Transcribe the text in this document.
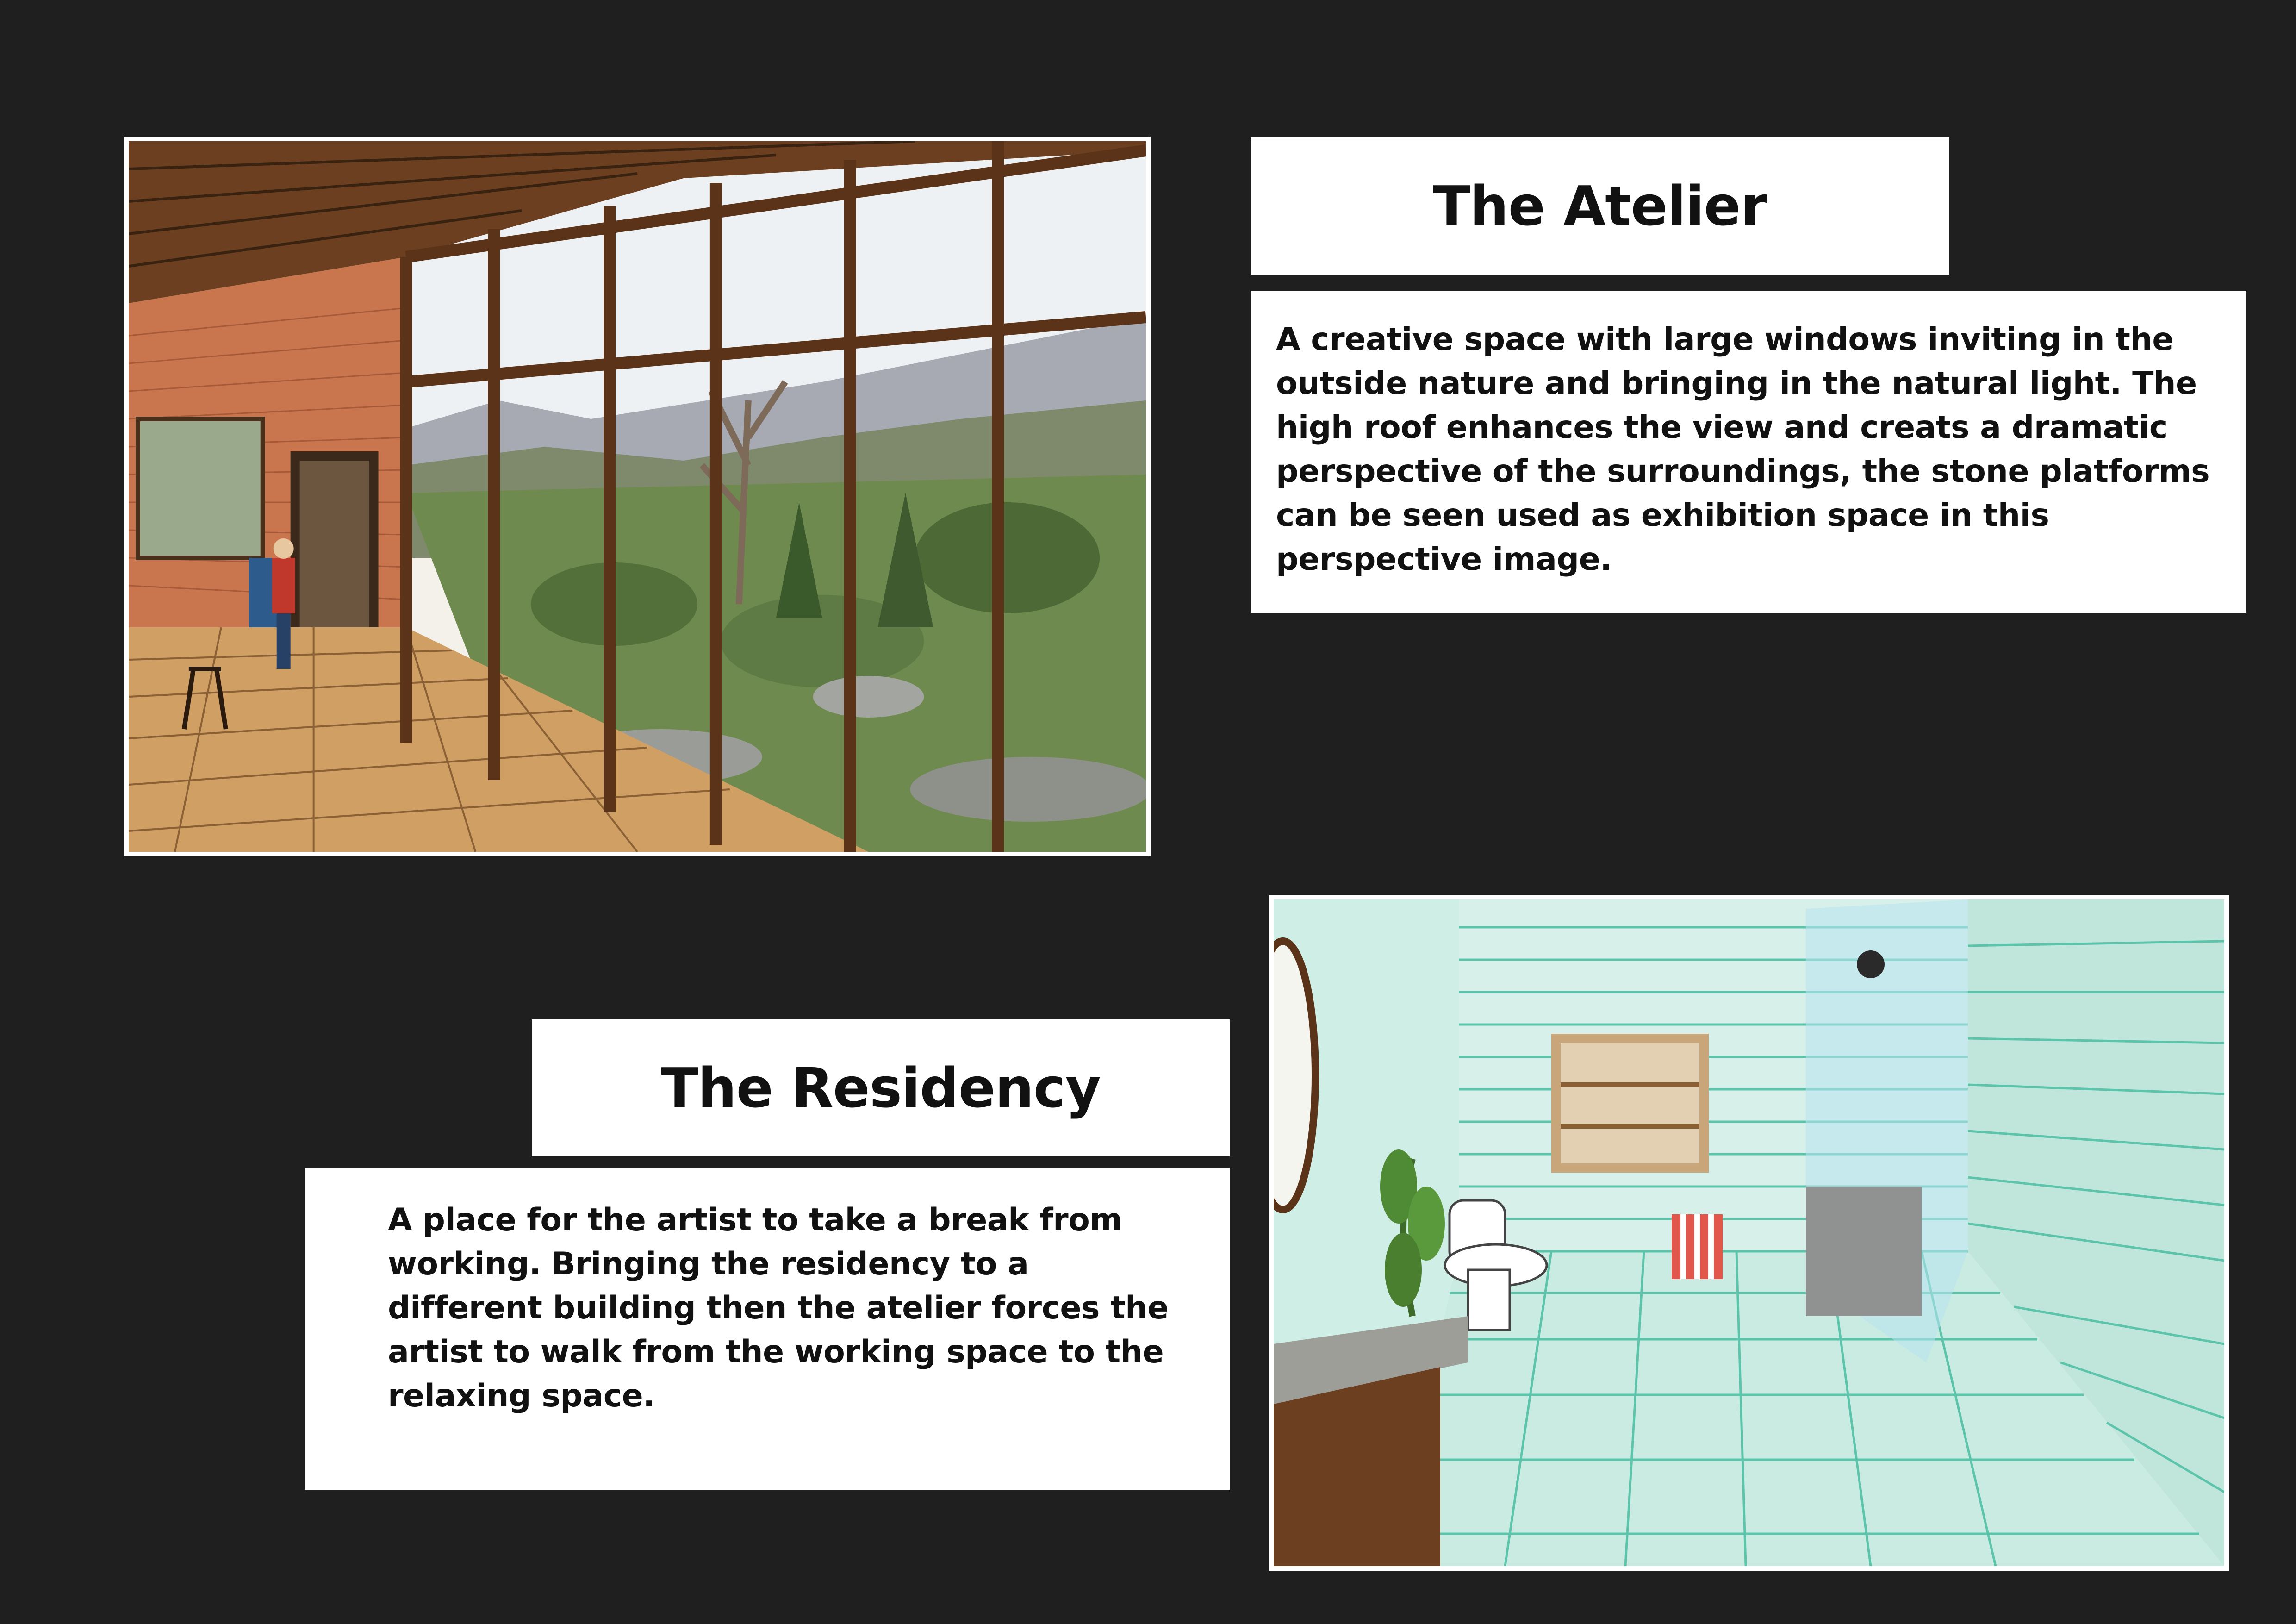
The Atelier

A creative space with large windows inviting in the outside nature and bringing in the natural light. The high roof enhances the view and creats a dramatic perspective of the surroundings, the stone platforms can be seen used as exhibition space in this perspective image.

The Residency

A place for the artist to take a break from working. Bringing the residency to a different building then the atelier forces the artist to walk from the working space to the relaxing space.
